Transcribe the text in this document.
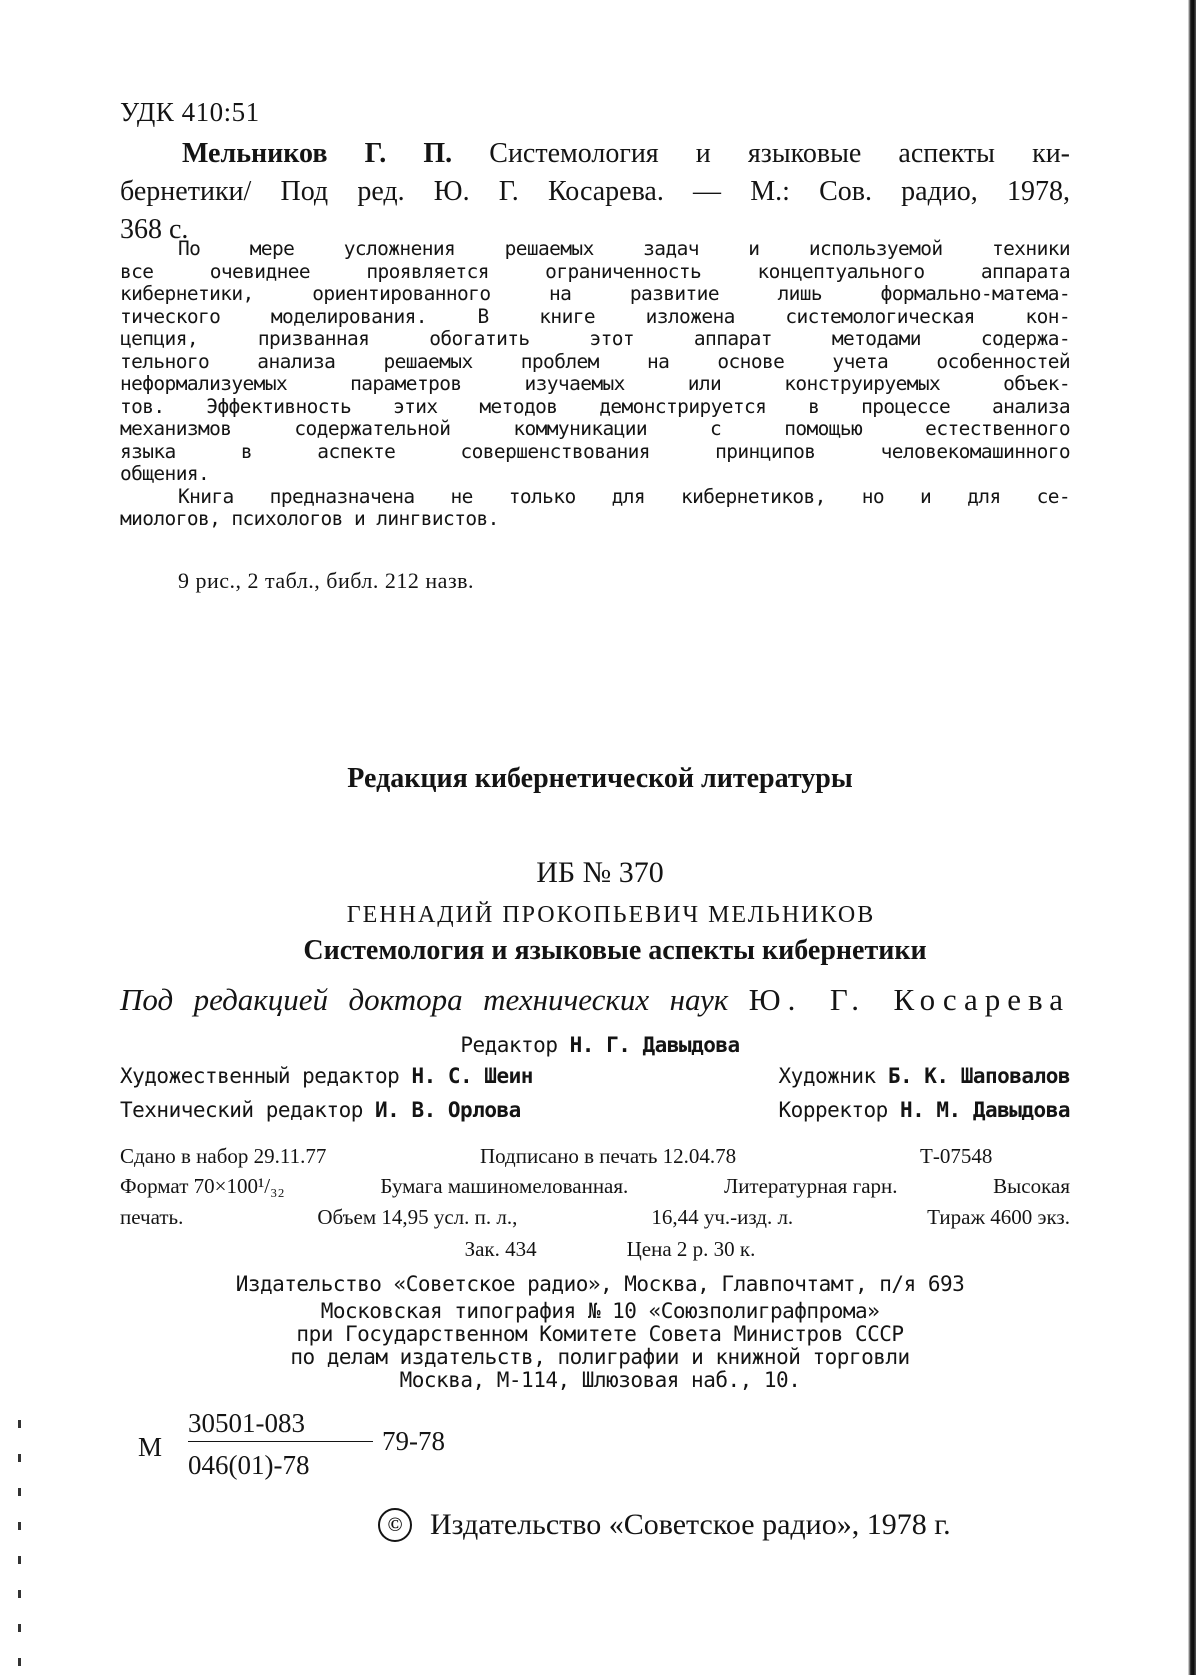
УДК 410:51
Мельников Г. П. Системология и языковые аспекты ки-
бернетики/ Под ред. Ю. Г. Косарева. — М.: Сов. радио, 1978,
368 с.
По мере усложнения решаемых задач и используемой техники
все очевиднее проявляется ограниченность концептуального аппарата
кибернетики, ориентированного на развитие лишь формально-матема-
тического моделирования. В книге изложена системологическая кон-
цепция, призванная обогатить этот аппарат методами содержа-
тельного анализа решаемых проблем на основе учета особенностей
неформализуемых параметров изучаемых или конструируемых объек-
тов. Эффективность этих методов демонстрируется в процессе анализа
механизмов содержательной коммуникации с помощью естественного
языка в аспекте совершенствования принципов человекомашинного
общения.
Книга предназначена не только для кибернетиков, но и для се-
миологов, психологов и лингвистов.
9 рис., 2 табл., библ. 212 назв.
Редакция кибернетической литературы
ИБ № 370
ГЕННАДИЙ ПРОКОПЬЕВИЧ МЕЛЬНИКОВ
Системология и языковые аспекты кибернетики
Под редакцией доктора технических наук Ю. Г. Косарева
Редактор Н. Г. Давыдова
Художественный редактор Н. С. Шеин	Художник Б. К. Шаповалов
Технический редактор И. В. Орлова	Корректор Н. М. Давыдова
Сдано в набор 29.11.77	Подписано в печать 12.04.78	Т-07548
Формат 70×100¹/₃₂	Бумага машиномелованная.	Литературная гарн.	Высокая
печать.	Объем 14,95 усл. п. л.,	16,44 уч.-изд. л.	Тираж 4600 экз.
Зак. 434	Цена 2 р. 30 к.
Издательство «Советское радио», Москва, Главпочтамт, п/я 693
Московская типография № 10 «Союзполиграфпрома»
при Государственном Комитете Совета Министров СССР
по делам издательств, полиграфии и книжной торговли
Москва, М-114, Шлюзовая наб., 10.
М
30501-083
046(01)-78
79-78
© Издательство «Советское радио», 1978 г.
